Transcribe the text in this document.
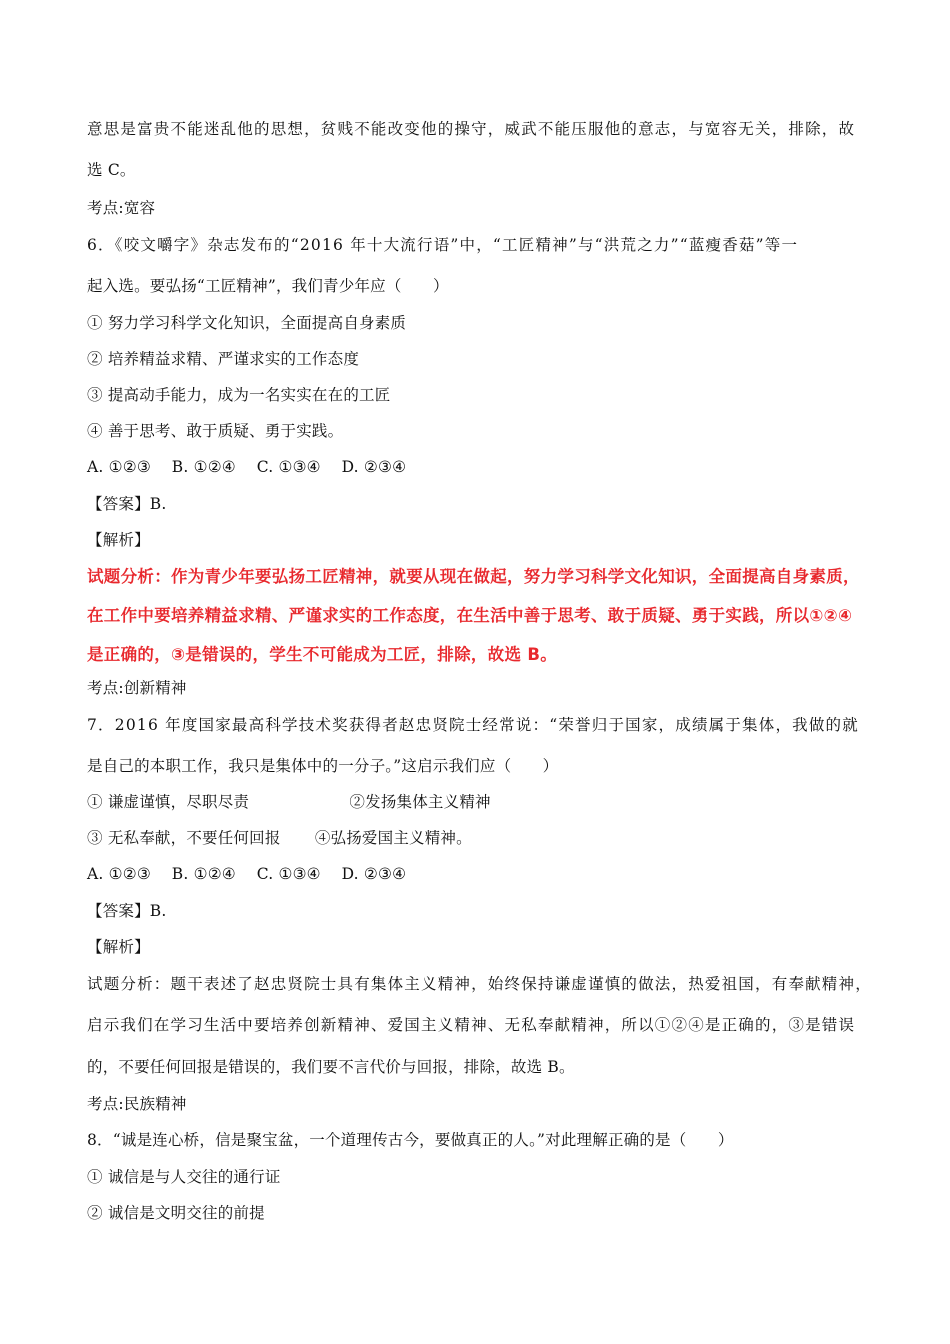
意思是富贵不能迷乱他的思想，贫贱不能改变他的操守，威武不能压服他的意志，与宽容无关，排除，故
选 C。
考点:宽容
6．《咬文嚼字》杂志发布的“2016 年十大流行语”中，“工匠精神”与“洪荒之力”“蓝瘦香菇”等一
起入选。要弘扬“工匠精神”，我们青少年应（　　）
① 努力学习科学文化知识，全面提高自身素质
② 培养精益求精、严谨求实的工作态度
③ 提高动手能力，成为一名实实在在的工匠
④ 善于思考、敢于质疑、勇于实践。
A. ①②③　 B. ①②④　 C. ①③④　 D. ②③④
【答案】B.
【解析】
试题分析：作为青少年要弘扬工匠精神，就要从现在做起，努力学习科学文化知识，全面提高自身素质，
在工作中要培养精益求精、严谨求实的工作态度，在生活中善于思考、敢于质疑、勇于实践，所以①②④
是正确的，③是错误的，学生不可能成为工匠，排除，故选 B。
考点:创新精神
7．2016 年度国家最高科学技术奖获得者赵忠贤院士经常说：“荣誉归于国家，成绩属于集体，我做的就
是自己的本职工作，我只是集体中的一分子。”这启示我们应（　　）
① 谦虚谨慎，尽职尽责	②发扬集体主义精神
③ 无私奉献，不要任何回报 ④弘扬爱国主义精神。
A. ①②③　 B. ①②④　 C. ①③④　 D. ②③④
【答案】B.
【解析】
试题分析：题干表述了赵忠贤院士具有集体主义精神，始终保持谦虚谨慎的做法，热爱祖国，有奉献精神，
启示我们在学习生活中要培养创新精神、爱国主义精神、无私奉献精神，所以①②④是正确的，③是错误
的，不要任何回报是错误的，我们要不言代价与回报，排除，故选 B。
考点:民族精神
8．“诚是连心桥，信是聚宝盆，一个道理传古今，要做真正的人。”对此理解正确的是（　　）
① 诚信是与人交往的通行证
② 诚信是文明交往的前提
